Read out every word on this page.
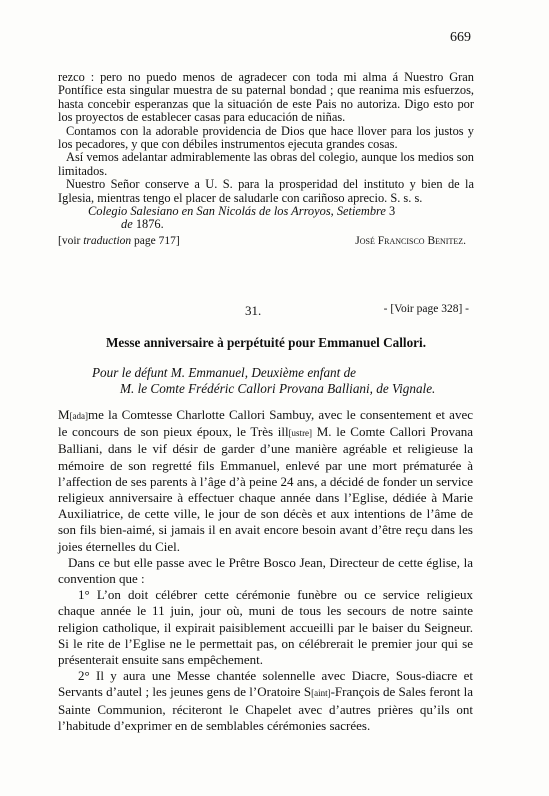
669

rezco : pero no puedo menos de agradecer con toda mi alma á Nuestro Gran Pontífice esta singular muestra de su paternal bondad ; que reanima mis esfuerzos, hasta concebir esperanzas que la situación de este Pais no autoriza. Digo esto por los proyectos de establecer casas para educación de niñas.

Contamos con la adorable providencia de Dios que hace llover para los justos y los pecadores, y que con débiles instrumentos ejecuta grandes cosas.

Así vemos adelantar admirablemente las obras del colegio, aunque los medios son limitados.

Nuestro Señor conserve a U. S. para la prosperidad del instituto y bien de la Iglesia, mientras tengo el placer de saludarle con cariñoso aprecio. S. s. s.

Colegio Salesiano en San Nicolás de los Arroyos, Setiembre 3

de 1876.

[voir traduction page 717]	José Francisco Benitez.
31.	- [Voir page 328] -
Messe anniversaire à perpétuité pour Emmanuel Callori.
Pour le défunt M. Emmanuel, Deuxième enfant de
M. le Comte Frédéric Callori Provana Balliani, de Vignale.

M[ada]me la Comtesse Charlotte Callori Sambuy, avec le consentement et avec le concours de son pieux époux, le Très ill[ustre] M. le Comte Callori Provana Balliani, dans le vif désir de garder d’une manière agréable et religieuse la mémoire de son regretté fils Emmanuel, enlevé par une mort prématurée à l’affection de ses parents à l’âge d’à peine 24 ans, a décidé de fonder un service religieux anniversaire à effectuer chaque année dans l’Eglise, dédiée à Marie Auxiliatrice, de cette ville, le jour de son décès et aux intentions de l’âme de son fils bien-aimé, si jamais il en avait encore besoin avant d’être reçu dans les joies éternelles du Ciel.

Dans ce but elle passe avec le Prêtre Bosco Jean, Directeur de cette église, la convention que :

1° L’on doit célébrer cette cérémonie funèbre ou ce service religieux chaque année le 11 juin, jour où, muni de tous les secours de notre sainte religion catholique, il expirait paisiblement accueilli par le baiser du Seigneur. Si le rite de l’Eglise ne le permettait pas, on célébrerait le premier jour qui se présenterait ensuite sans empêchement.

2° Il y aura une Messe chantée solennelle avec Diacre, Sous-diacre et Servants d’autel ; les jeunes gens de l’Oratoire S[aint]-François de Sales feront la Sainte Communion, réciteront le Chapelet avec d’autres prières qu’ils ont l’habitude d’exprimer en de semblables cérémonies sacrées.
